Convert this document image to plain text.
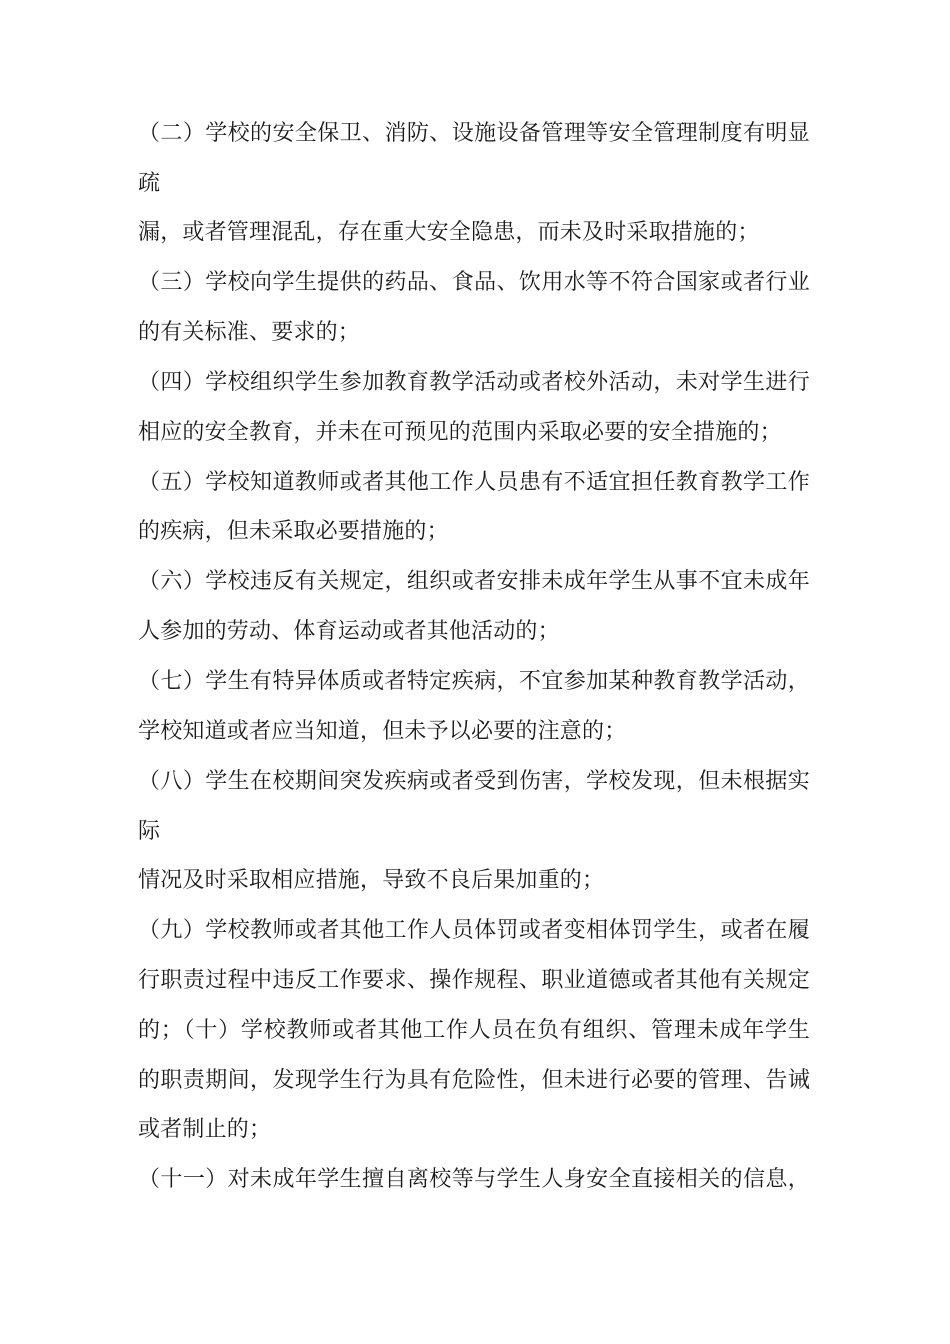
（二）学校的安全保卫、消防、设施设备管理等安全管理制度有明显
疏
漏，或者管理混乱，存在重大安全隐患，而未及时采取措施的；
（三）学校向学生提供的药品、食品、饮用水等不符合国家或者行业
的有关标准、要求的；
（四）学校组织学生参加教育教学活动或者校外活动，未对学生进行
相应的安全教育，并未在可预见的范围内采取必要的安全措施的；
（五）学校知道教师或者其他工作人员患有不适宜担任教育教学工作
的疾病，但未采取必要措施的；
（六）学校违反有关规定，组织或者安排未成年学生从事不宜未成年
人参加的劳动、体育运动或者其他活动的；
（七）学生有特异体质或者特定疾病，不宜参加某种教育教学活动，
学校知道或者应当知道，但未予以必要的注意的；
（八）学生在校期间突发疾病或者受到伤害，学校发现，但未根据实
际
情况及时采取相应措施，导致不良后果加重的；
（九）学校教师或者其他工作人员体罚或者变相体罚学生，或者在履
行职责过程中违反工作要求、操作规程、职业道德或者其他有关规定
的；（十）学校教师或者其他工作人员在负有组织、管理未成年学生
的职责期间，发现学生行为具有危险性，但未进行必要的管理、告诫
或者制止的；
（十一）对未成年学生擅自离校等与学生人身安全直接相关的信息，
